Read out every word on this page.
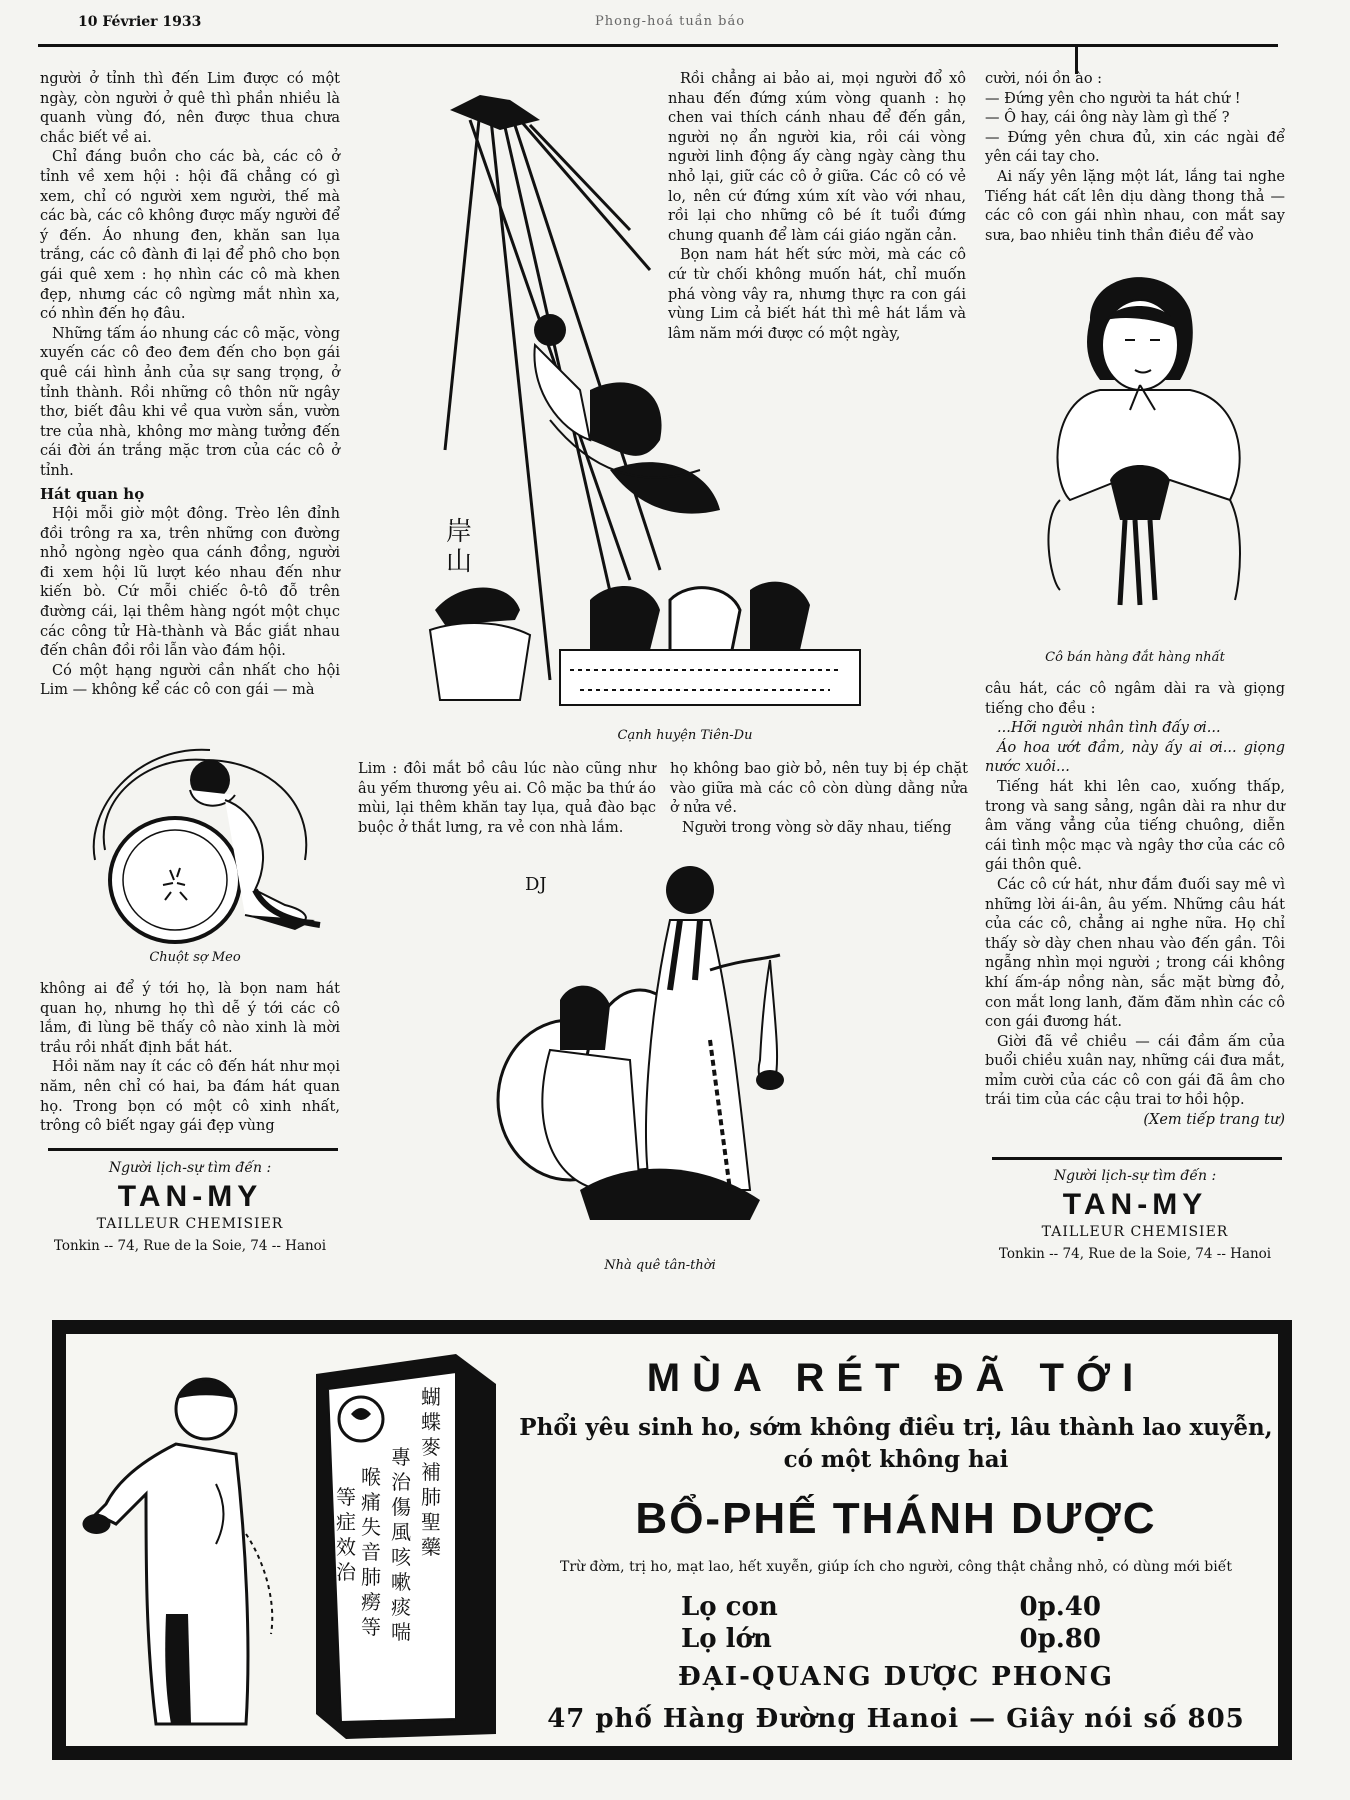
10 Février 1933	Phong-hoá tuần báo

người ở tỉnh thì đến Lim được có một ngày, còn người ở quê thì phần nhiều là quanh vùng đó, nên được thua chưa chắc biết về ai.

Chỉ đáng buồn cho các bà, các cô ở tỉnh về xem hội : hội đã chẳng có gì xem, chỉ có người xem người, thế mà các bà, các cô không được mấy người để ý đến. Áo nhung đen, khăn san lụa trắng, các cô đành đi lại để phô cho bọn gái quê xem : họ nhìn các cô mà khen đẹp, nhưng các cô ngừng mắt nhìn xa, có nhìn đến họ đâu.

Những tấm áo nhung các cô mặc, vòng xuyến các cô đeo đem đến cho bọn gái quê cái hình ảnh của sự sang trọng, ở tỉnh thành. Rồi những cô thôn nữ ngây thơ, biết đâu khi về qua vườn sắn, vườn tre của nhà, không mơ màng tưởng đến cái đời án trắng mặc trơn của các cô ở tỉnh.

Hát quan họ

Hội mỗi giờ một đông. Trèo lên đỉnh đồi trông ra xa, trên những con đường nhỏ ngòng ngèo qua cánh đồng, người đi xem hội lũ lượt kéo nhau đến như kiến bò. Cứ mỗi chiếc ô-tô đỗ trên đường cái, lại thêm hàng ngót một chục các công tử Hà-thành và Bắc giắt nhau đến chân đồi rồi lẫn vào đám hội.

Có một hạng người cần nhất cho hội Lim — không kể các cô con gái — mà

Chuột sợ Meo

không ai để ý tới họ, là bọn nam hát quan họ, nhưng họ thì dễ ý tới các cô lắm, đi lùng bẽ thấy cô nào xinh là mời trầu rồi nhất định bắt hát.

Hồi năm nay ít các cô đến hát như mọi năm, nên chỉ có hai, ba đám hát quan họ. Trong bọn có một cô xinh nhất, trông cô biết ngay gái đẹp vùng

Người lịch-sự tìm đến :
TAN-MY
TAILLEUR CHEMISIER
Tonkin -- 74, Rue de la Soie, 74 -- Hanoi
岸
山

Rồi chẳng ai bảo ai, mọi người đổ xô nhau đến đứng xúm vòng quanh : họ chen vai thích cánh nhau để đến gần, người nọ ẩn người kia, rồi cái vòng người linh động ấy càng ngày càng thu nhỏ lại, giữ các cô ở giữa. Các cô có vẻ lo, nên cứ đứng xúm xít vào với nhau, rồi lại cho những cô bé ít tuổi đứng chung quanh để làm cái giáo ngăn cản.

Bọn nam hát hết sức mời, mà các cô cứ từ chối không muốn hát, chỉ muốn phá vòng vây ra, nhưng thực ra con gái vùng Lim cả biết hát thì mê hát lắm và lâm năm mới được có một ngày,

Cạnh huyện Tiên-Du

Lim : đôi mắt bồ câu lúc nào cũng như âu yếm thương yêu ai. Cô mặc ba thứ áo mùi, lại thêm khăn tay lụa, quả đào bạc buộc ở thắt lưng, ra vẻ con nhà lắm.

họ không bao giờ bỏ, nên tuy bị ép chặt vào giữa mà các cô còn dùng dằng nửa ở nửa về.

Người trong vòng sờ dãy nhau, tiếng

DJ
Nhà quê tân-thời

cười, nói ồn ào :

— Đứng yên cho người ta hát chứ !

— Ô hay, cái ông này làm gì thế ?

— Đứng yên chưa đủ, xin các ngài để yên cái tay cho.

Ai nấy yên lặng một lát, lắng tai nghe Tiếng hát cất lên dịu dàng thong thả — các cô con gái nhìn nhau, con mắt say sưa, bao nhiêu tinh thần điều để vào

Cô bán hàng đắt hàng nhất

câu hát, các cô ngâm dài ra và giọng tiếng cho đều :

...Hỡi người nhân tình đấy ơi...

Áo hoa ướt đầm, này ấy ai ơi... giọng nước xuôi...

Tiếng hát khi lên cao, xuống thấp, trong và sang sảng, ngân dài ra như dư âm văng vẳng của tiếng chuông, diễn cái tình mộc mạc và ngây thơ của các cô gái thôn quê.

Các cô cứ hát, như đắm đuối say mê vì những lời ái-ân, âu yếm. Những câu hát của các cô, chẳng ai nghe nữa. Họ chỉ thấy sờ dày chen nhau vào đến gần. Tôi ngẫng nhìn mọi người ; trong cái không khí ấm-áp nồng nàn, sắc mặt bừng đỏ, con mắt long lanh, đăm đăm nhìn các cô con gái đương hát.

Giời đã về chiều — cái đầm ấm của buổi chiều xuân nay, những cái đưa mắt, mỉm cười của các cô con gái đã âm cho trái tim của các cậu trai tơ hồi hộp.

(Xem tiếp trang tư)

Người lịch-sự tìm đến :
TAN-MY
TAILLEUR CHEMISIER
Tonkin -- 74, Rue de la Soie, 74 -- Hanoi
蝴
蝶
麥
補
肺
聖
藥
專
治
傷
風
咳
嗽
痰
喘
喉
痛
失
音
肺
癆
等
等
症
效
治
MÙA RÉT ĐÃ TỚI
Phổi yêu sinh ho, sớm không điều trị, lâu thành lao xuyễn,
có một không hai
BỔ-PHẾ THÁNH DƯỢC
Trừ đờm, trị ho, mạt lao, hết xuyễn, giúp ích cho người, công thật chẳng nhỏ, có dùng mới biết
Lọ con	0p.40
Lọ lớn	0p.80
ĐẠI-QUANG DƯỢC PHONG
47 phố Hàng Đường Hanoi — Giây nói số 805
